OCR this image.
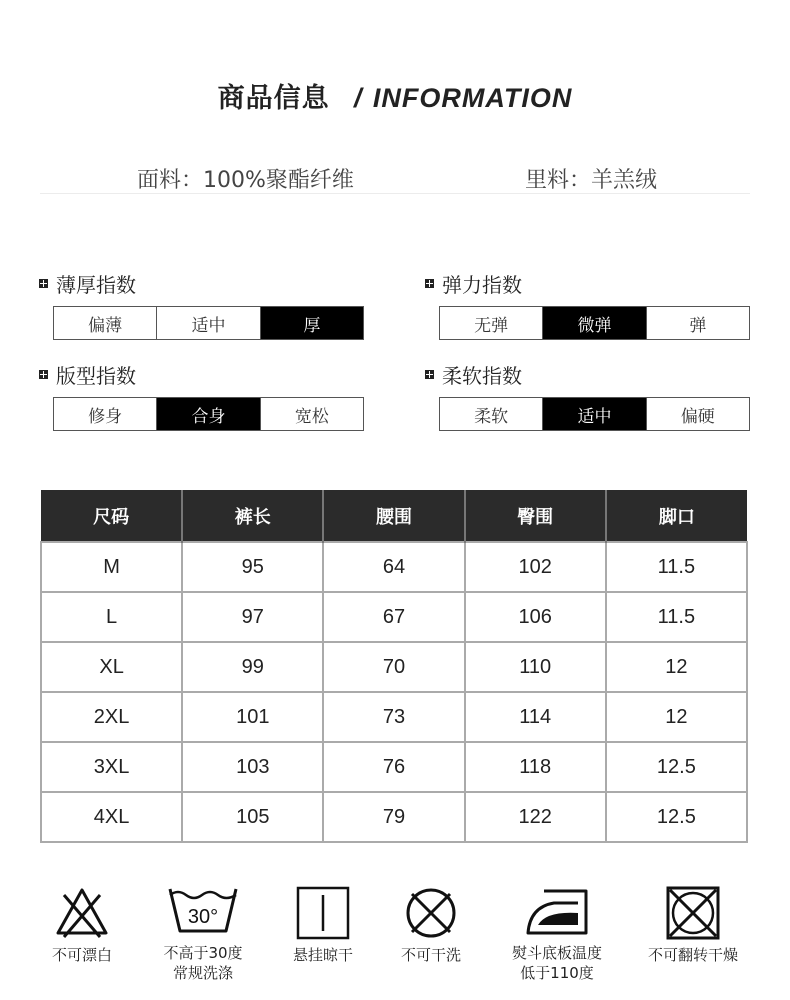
商品信息 / INFORMATION
面料：100%聚酯纤维	里料：羊羔绒
薄厚指数
偏薄	适中	厚
弹力指数
无弹	微弹	弹
版型指数
修身	合身	宽松
柔软指数
柔软	适中	偏硬
尺码	裤长	腰围	臀围	脚口
M	95	64	102	11.5
L	97	67	106	11.5
XL	99	70	110	12
2XL	101	73	114	12
3XL	103	76	118	12.5
4XL	105	79	122	12.5
不可漂白
30°
不高于30度
常规洗涤
悬挂晾干	不可干洗	熨斗底板温度
低于110度
不可翻转干燥
